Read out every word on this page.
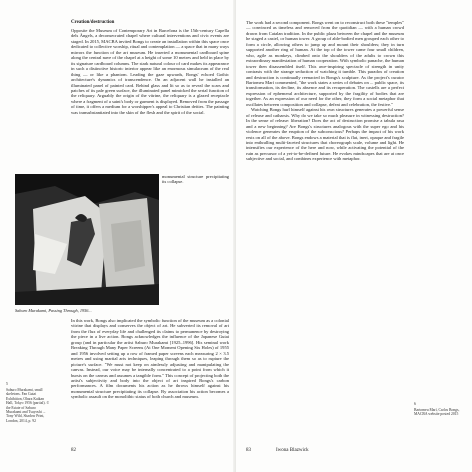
Creation/destruction

Opposite the Museum of Contemporary Art in Barcelona is the 15th-century Capella dels Àngels, a deconsecrated chapel where cultural interventions and civic events are staged. In 2015, MACBA invited Bongs to create an installation within this space once dedicated to collective worship, ritual and contemplation — a space that in many ways mirrors the function of the art museum. He inserted a monumental cardboard spine along the central nave of the chapel at a height of some 10 metres and held in place by its signature cardboard columns. The stark natural colour of card makes its appearance in such a distinctive historic interior appear like an enormous simulacrum of the real thing — or like a phantom. Leading the gaze upwards, Bongs' echoed Gothic architecture's dynamics of transcendence. On an adjacent wall he installed an illuminated panel of painted card. Behind glass and lit so as to reveal the scars and patches of its pale green surface, the illuminated panel mimicked the serial function of the reliquary. Arguably the origin of the vitrine, the reliquary is a glazed receptacle where a fragment of a saint's body or garment is displayed. Removed from the passage of time, it offers a medium for a worshipper's appeal to Christian deities. The painting was transubstantiated into the skin of the flesh and the spirit of the social.

monumental structure precipitating its collapse.

Saburo Murakami, Passing Through, 1956...

In this work, Bongs also implicated the symbolic function of the museum as a colonial vitrine that displays and conserves the object of art. He subverted its removal of art from the flux of everyday life and challenged its claims to permanence by destroying the piece in a live action. Bongs acknowledges the influence of the Japanese Gutai group (and in particular the artist Saburo Murakami [1925–1996]. His seminal work Breaking Through Many Paper Screens (At One Moment Opening Six Holes) of 1955 and 1956 involved setting up a row of framed paper screens each measuring 2 × 3.5 metres and using martial arts techniques, leaping through them so as to rupture the picture's surface. "We must not keep on aimlessly adjusting and manipulating the canvas. Instead, our voice may be internally concentrated to a point from which it bursts on the canvas and assumes a tangible form." This concept of projecting both the artist's subjectivity and body into the object of art inspired Bongs's carbon performances. A film documents his action as he throws himself against his monumental structure precipitating its collapse. By association his action becomes a symbolic assault on the monolithic status of both church and museum.

5
Saburo Murakami, small skeletons. Fan Gutai Exhibition, Ohara Kaikan Hall, Tokyo 1956 (partial). © the Estate of Saburo Murakami and Tsuyoshi ... Tony Wild, Shadow Print, London, 2014, p. 92
82

The work had a second component. Bongs went on to reconstruct both these "temples" — convinced as timeless and removed from the quotidian — with a human crowd drawn from Catalan tradition. In the public plaza between the chapel and the museum he staged a castel, or human tower. A group of able-bodied men grouped each other to form a circle, allowing others to jump up and mount their shoulders; they in turn supported another ring of human. At the top of the tower came four small children, who, agile as monkeys, climbed onto the shoulders of the adults to crown this extraordinary manifestation of human cooperation. With symbolic panache, the human tower then disassembled itself. This awe-inspiring spectacle of strength in unity contrasts with the strange seduction of watching it tumble. This paradox of creation and destruction is continually reenacted in Bongs's sculpture. As the project's curator Bartomeu Marí commented, "the work states a series of debates on ... public space, its transformation, its decline, its absence and its recuperation. The castells are a perfect expression of ephemeral architecture, supported by the fragility of bodies that are together. As an expression of our need for the other, they form a social metaphor that oscillates between composition and collapse, defeat and celebration, the festive."

Watching Bongs hurl himself against his own structures generates a powerful sense of release and catharsis. Why do we take so much pleasure in witnessing destruction? In the sense of release: liberation? Does the act of destruction promise a tabula rasa and a new beginning? Are Bongs's structures analogous with the super ego and his violence generates the eruption of the subconscious? Perhaps the impact of his work rests on all of the above. Bongs endows a material that is flat, inert, opaque and fragile into enthralling multi-faceted structures that choreograph scale, volume and light. He intensifies our experience of the here and now, while activating the potential of the ruin as precursor of a yet-to-be-defined future. He evokes mindscapes that are at once subjective and social, and combines experience with metaphor.

6
Bartomeu Marí, Carlos Bongs, MACBA website posted 2015
83	Iwona Blazwick
